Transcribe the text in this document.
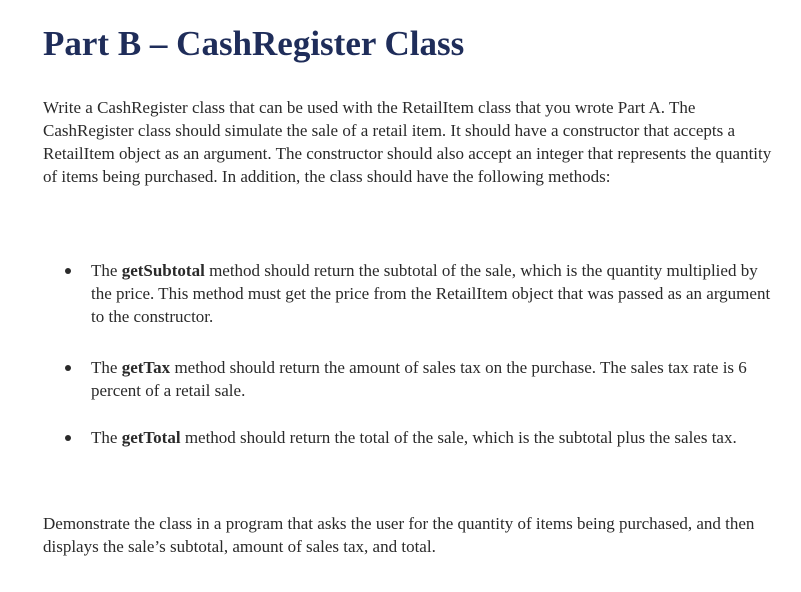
Part B – CashRegister Class

Write a CashRegister class that can be used with the RetailItem class that you wrote Part A. The CashRegister class should simulate the sale of a retail item. It should have a constructor that accepts a RetailItem object as an argument. The constructor should also accept an integer that represents the quantity of items being purchased. In addition, the class should have the following methods:

The getSubtotal method should return the subtotal of the sale, which is the quantity multiplied by the price. This method must get the price from the RetailItem object that was passed as an argument to the constructor.

The getTax method should return the amount of sales tax on the purchase. The sales tax rate is 6 percent of a retail sale.

The getTotal method should return the total of the sale, which is the subtotal plus the sales tax.

Demonstrate the class in a program that asks the user for the quantity of items being purchased, and then displays the sale’s subtotal, amount of sales tax, and total.
